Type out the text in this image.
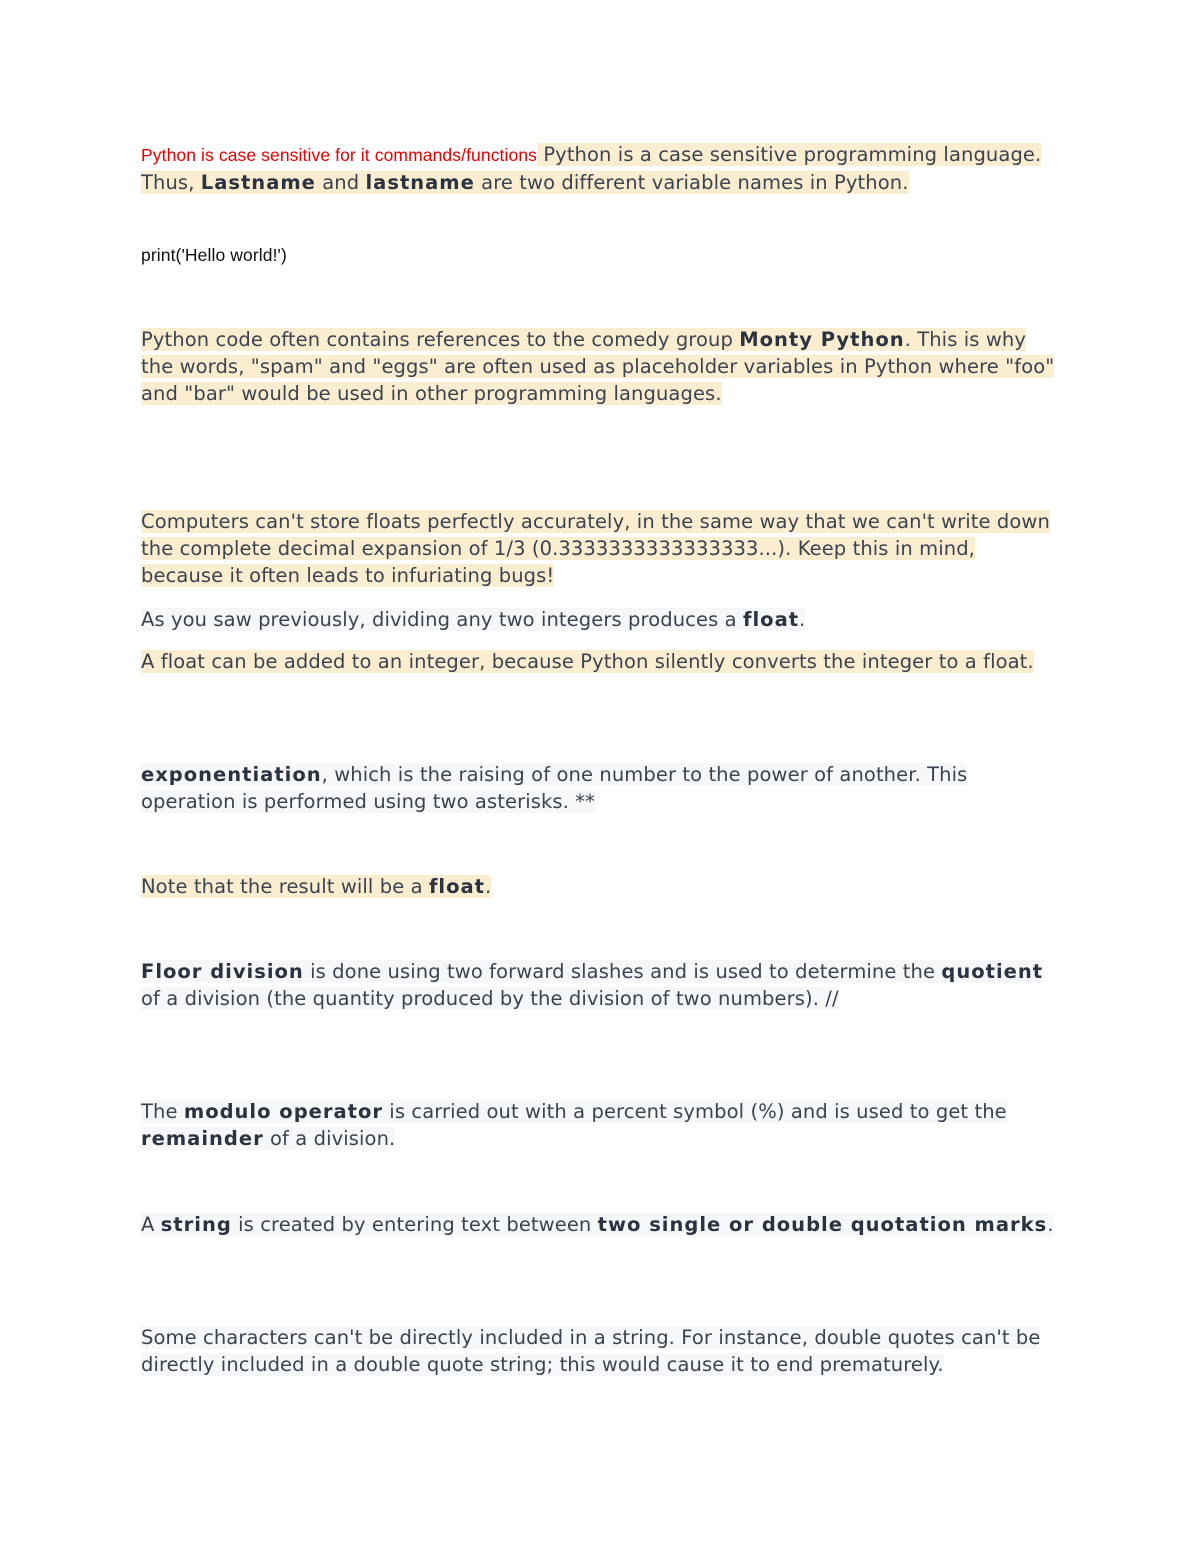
Python is case sensitive for it commands/functions Python is a case sensitive programming language. Thus, Lastname and lastname are two different variable names in Python.
print('Hello world!')
Python code often contains references to the comedy group Monty Python. This is why the words, "spam" and "eggs" are often used as placeholder variables in Python where "foo" and "bar" would be used in other programming languages.
Computers can't store floats perfectly accurately, in the same way that we can't write down the complete decimal expansion of 1/3 (0.3333333333333333...). Keep this in mind, because it often leads to infuriating bugs!
As you saw previously, dividing any two integers produces a float.
A float can be added to an integer, because Python silently converts the integer to a float.
exponentiation, which is the raising of one number to the power of another. This operation is performed using two asterisks. **
Note that the result will be a float.
Floor division is done using two forward slashes and is used to determine the quotient of a division (the quantity produced by the division of two numbers). //
The modulo operator is carried out with a percent symbol (%) and is used to get the remainder of a division.
A string is created by entering text between two single or double quotation marks.
Some characters can't be directly included in a string. For instance, double quotes can't be directly included in a double quote string; this would cause it to end prematurely.
